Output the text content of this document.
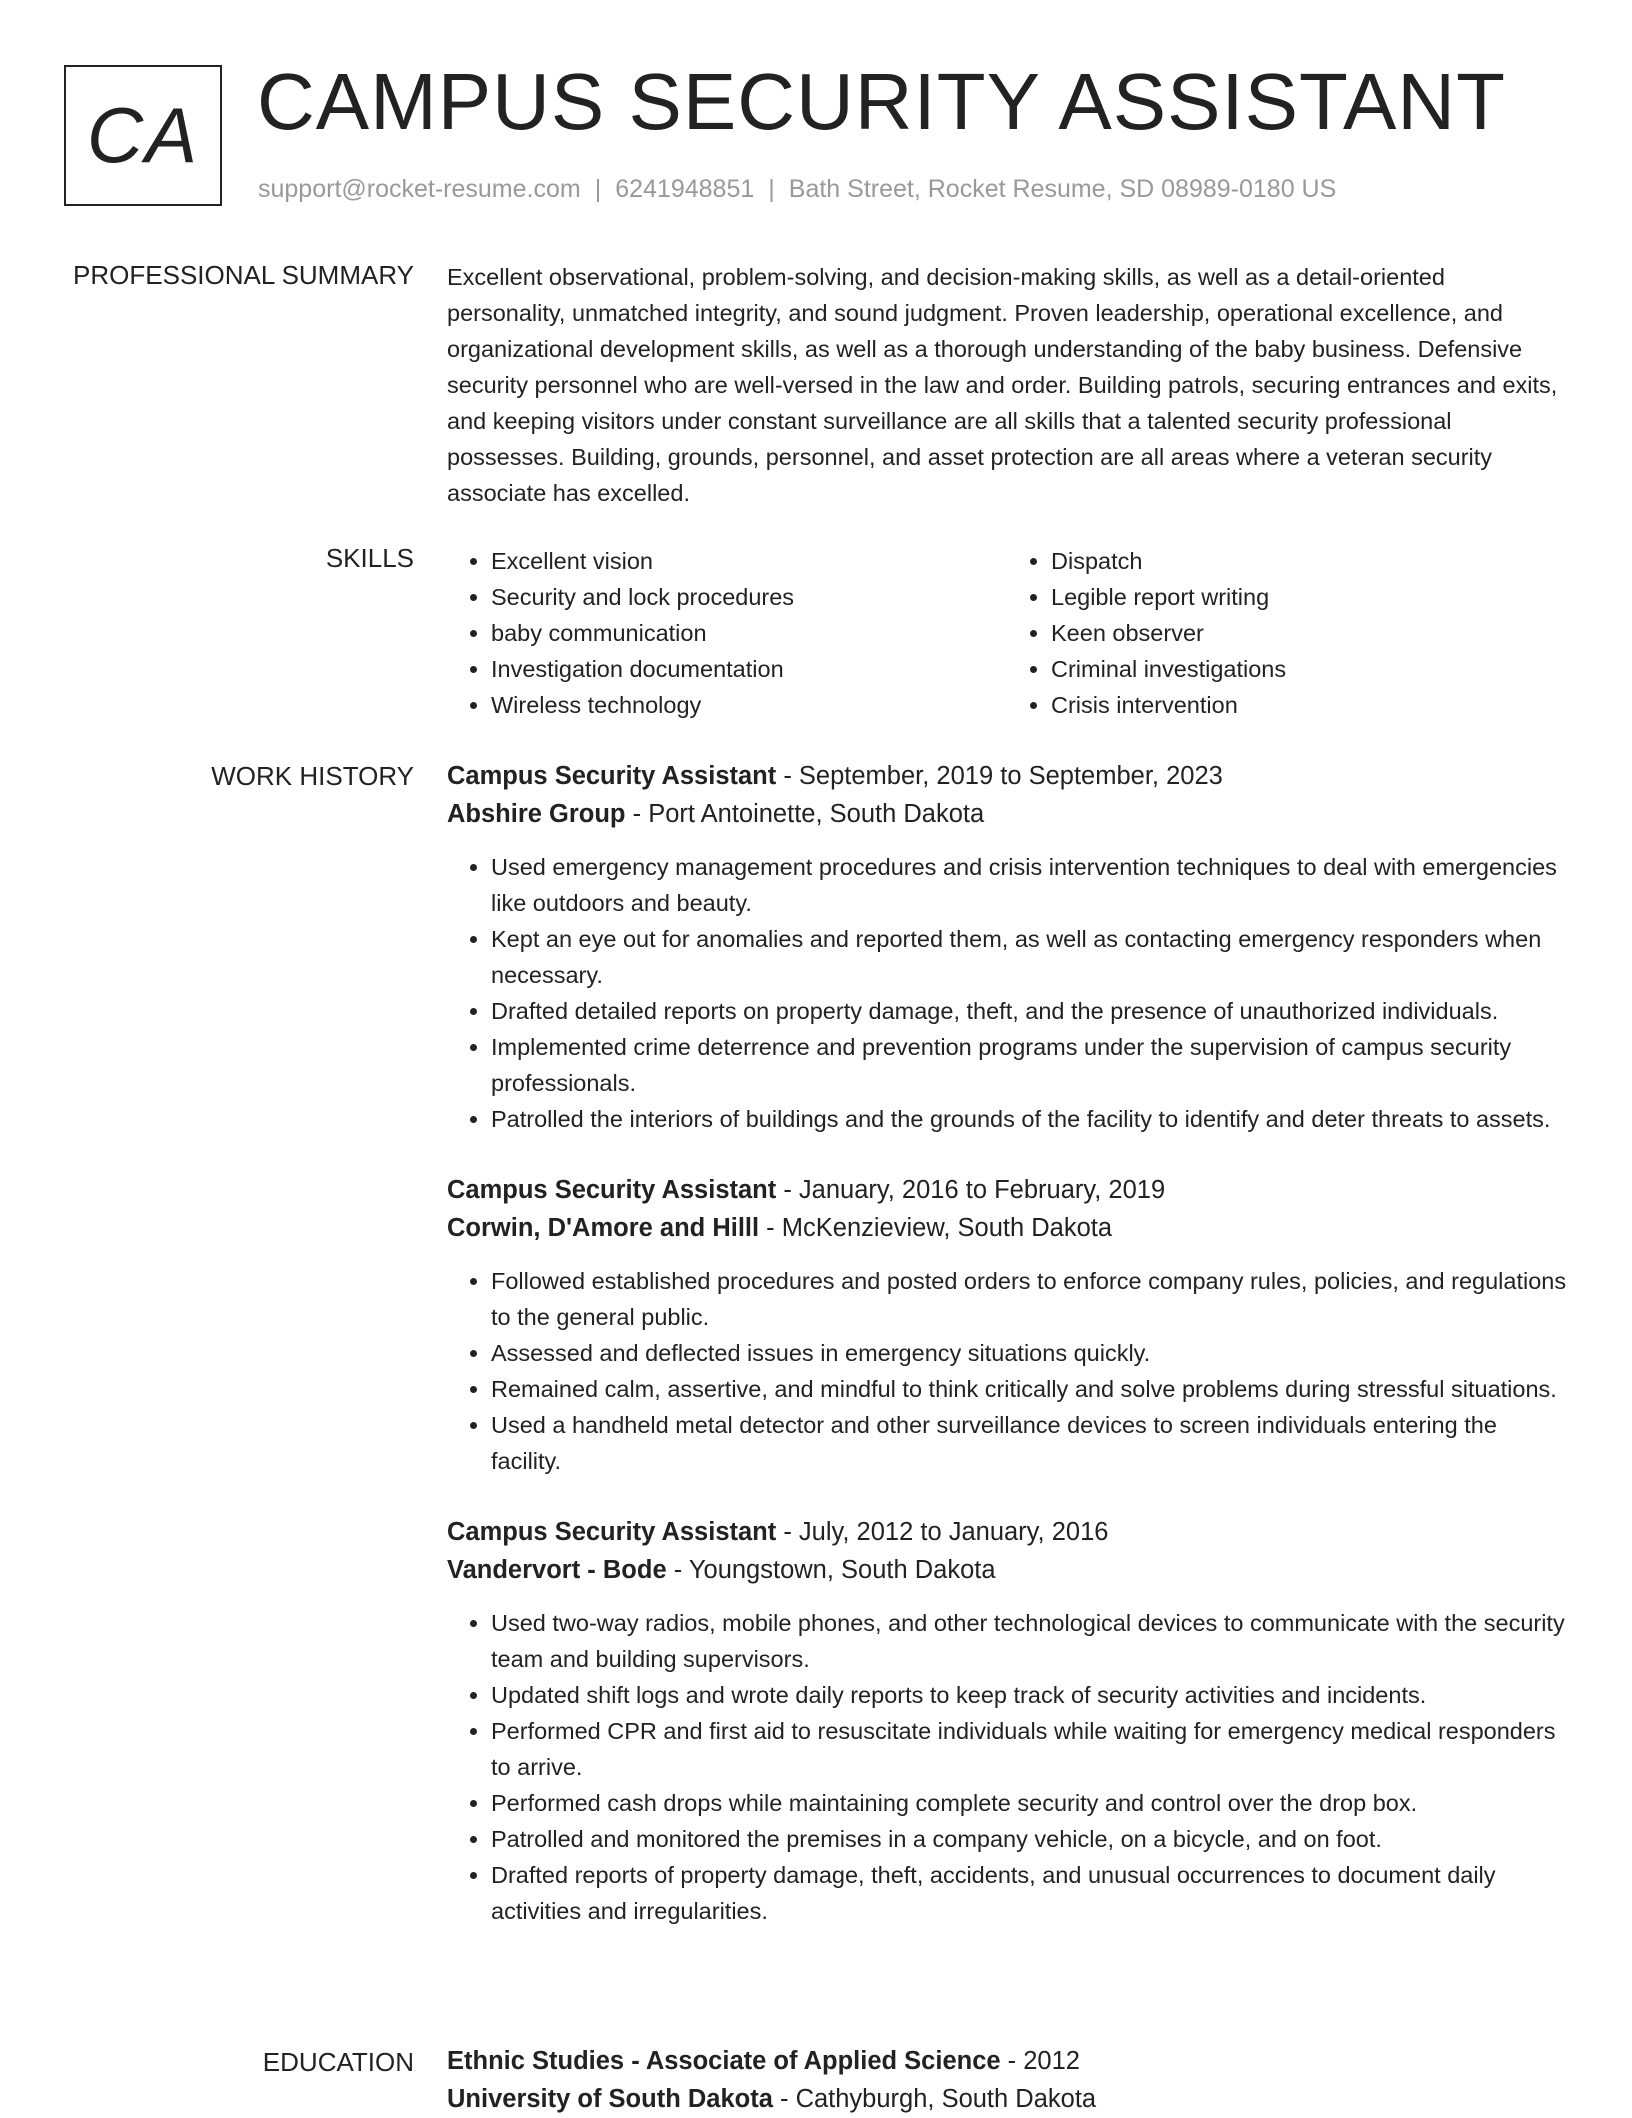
CA CAMPUS SECURITY ASSISTANT
support@rocket-resume.com | 6241948851 | Bath Street, Rocket Resume, SD 08989-0180 US
PROFESSIONAL SUMMARY Excellent observational, problem-solving, and decision-making skills, as well as a detail-oriented personality, unmatched integrity, and sound judgment. Proven leadership, operational excellence, and organizational development skills, as well as a thorough understanding of the baby business. Defensive security personnel who are well-versed in the law and order. Building patrols, securing entrances and exits, and keeping visitors under constant surveillance are all skills that a talented security professional possesses. Building, grounds, personnel, and asset protection are all areas where a veteran security associate has excelled.
SKILLS
•	Excellent vision
• Security and lock procedures
• baby communication
• Investigation documentation
• Wireless technology
• Dispatch
• Legible report writing
• Keen observer
• Criminal investigations
• Crisis intervention
WORK HISTORY Campus Security Assistant - September, 2019 to September, 2023
Abshire Group - Port Antoinette, South Dakota
• Used emergency management procedures and crisis intervention techniques to deal with emergencies like outdoors and beauty.
• Kept an eye out for anomalies and reported them, as well as contacting emergency responders when necessary.
• Drafted detailed reports on property damage, theft, and the presence of unauthorized individuals.
• Implemented crime deterrence and prevention programs under the supervision of campus security professionals.
• Patrolled the interiors of buildings and the grounds of the facility to identify and deter threats to assets.
Campus Security Assistant - January, 2016 to February, 2019
Corwin, D'Amore and Hilll - McKenzieview, South Dakota
• Followed established procedures and posted orders to enforce company rules, policies, and regulations to the general public.
• Assessed and deflected issues in emergency situations quickly.
• Remained calm, assertive, and mindful to think critically and solve problems during stressful situations.
• Used a handheld metal detector and other surveillance devices to screen individuals entering the facility.
Campus Security Assistant - July, 2012 to January, 2016
Vandervort - Bode - Youngstown, South Dakota
• Used two-way radios, mobile phones, and other technological devices to communicate with the security team and building supervisors.
• Updated shift logs and wrote daily reports to keep track of security activities and incidents.
• Performed CPR and first aid to resuscitate individuals while waiting for emergency medical responders to arrive.
• Performed cash drops while maintaining complete security and control over the drop box.
• Patrolled and monitored the premises in a company vehicle, on a bicycle, and on foot.
• Drafted reports of property damage, theft, accidents, and unusual occurrences to document daily activities and irregularities.
EDUCATION Ethnic Studies - Associate of Applied Science - 2012
University of South Dakota - Cathyburgh, South Dakota
